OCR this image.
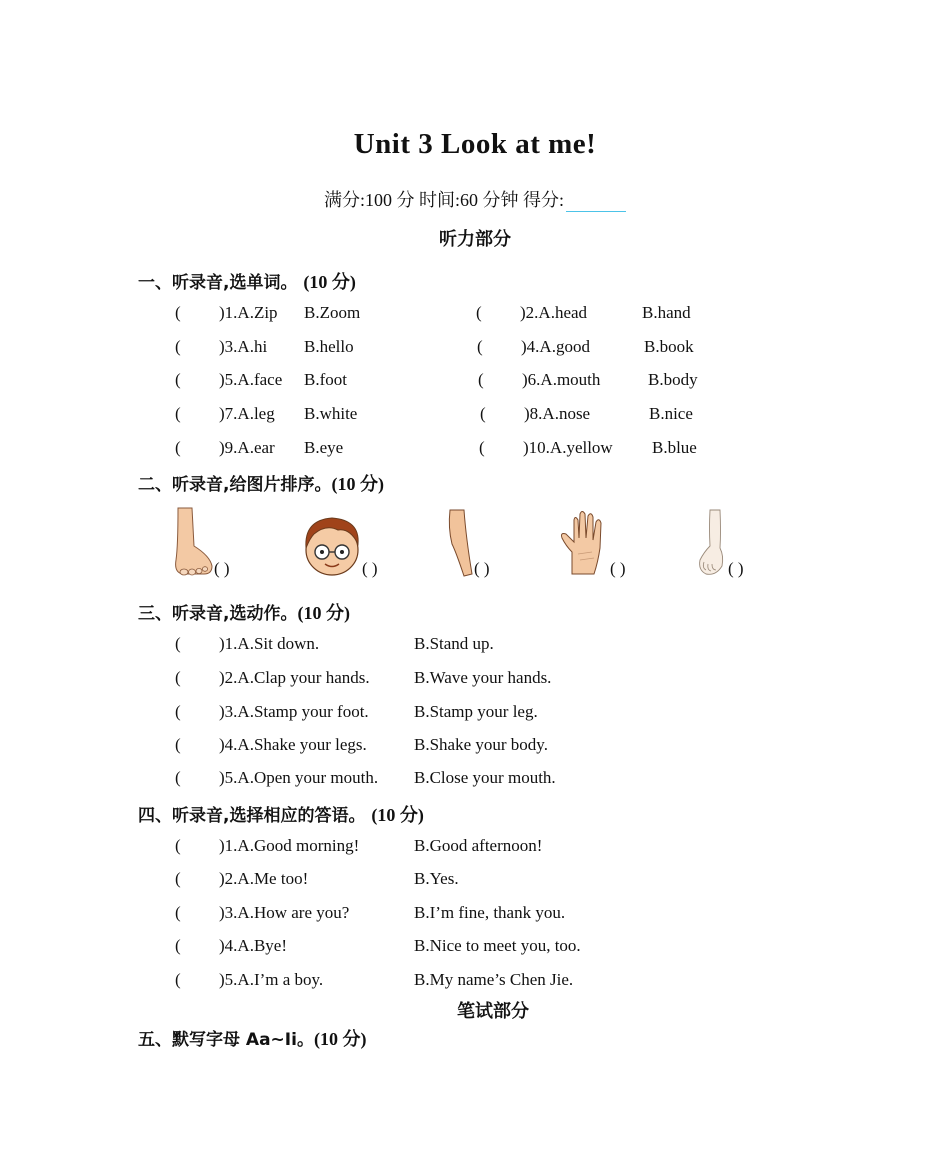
Unit 3 Look at me!
满分:100 分 时间:60 分钟 得分:
听力部分
一、听录音,选单词。 (10 分)
( )1.A.Zip B.Zoom	( )2.A.head	B.hand
( )3.A.hi B.hello	( )4.A.good	B.book
( )5.A.face B.foot	( )6.A.mouth	B.body
( )7.A.leg B.white	( )8.A.nose	B.nice
( )9.A.ear B.eye	( )10.A.yellow B.blue
二、听录音,给图片排序。(10 分)
( )	( )	( )	( )	( )
三、听录音,选动作。(10 分)
( )1.A.Sit down.	B.Stand up.
( )2.A.Clap your hands.	B.Wave your hands.
( )3.A.Stamp your foot.	B.Stamp your leg.
( )4.A.Shake your legs.	B.Shake your body.
( )5.A.Open your mouth. B.Close your mouth.
四、听录音,选择相应的答语。 (10 分)
( )1.A.Good morning!	B.Good afternoon!
( )2.A.Me too!	B.Yes.
( )3.A.How are you?	B.I’m fine, thank you.
( )4.A.Bye!	B.Nice to meet you, too.
( )5.A.I’m a boy.	B.My name’s Chen Jie.
笔试部分
五、默写字母 Aa~Ii。(10 分)
